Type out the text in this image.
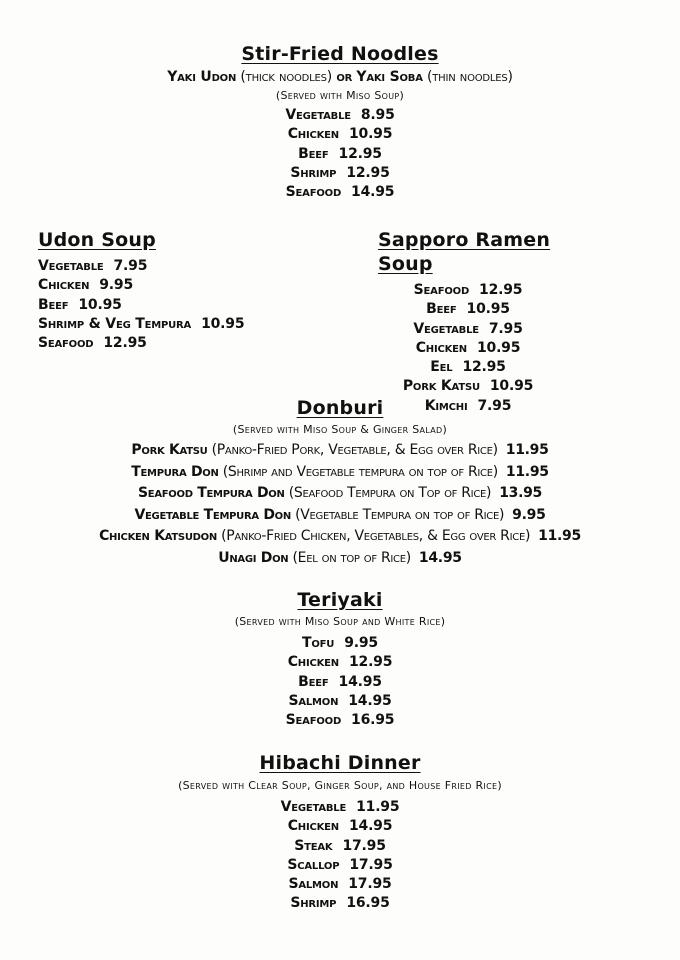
Stir-Fried Noodles
Yaki Udon (thick noodles) or Yaki Soba (thin noodles)
(Served with Miso Soup)
Vegetable 8.95
Chicken 10.95
Beef 12.95
Shrimp 12.95
Seafood 14.95
Udon Soup
Vegetable 7.95
Chicken 9.95
Beef 10.95
Shrimp & Veg Tempura 10.95
Seafood 12.95
Sapporo Ramen Soup
Seafood 12.95
Beef 10.95
Vegetable 7.95
Chicken 10.95
Eel 12.95
Pork Katsu 10.95
Kimchi 7.95
Donburi
(Served with Miso Soup & Ginger Salad)
Pork Katsu (Panko-Fried Pork, Vegetable, & Egg over Rice) 11.95
Tempura Don (Shrimp and Vegetable tempura on top of Rice) 11.95
Seafood Tempura Don (Seafood Tempura on Top of Rice) 13.95
Vegetable Tempura Don (Vegetable Tempura on top of Rice) 9.95
Chicken Katsudon (Panko-Fried Chicken, Vegetables, & Egg over Rice) 11.95
Unagi Don (Eel on top of Rice) 14.95
Teriyaki
(Served with Miso Soup and White Rice)
Tofu 9.95
Chicken 12.95
Beef 14.95
Salmon 14.95
Seafood 16.95
Hibachi Dinner
(Served with Clear Soup, Ginger Soup, and House Fried Rice)
Vegetable 11.95
Chicken 14.95
Steak 17.95
Scallop 17.95
Salmon 17.95
Shrimp 16.95
